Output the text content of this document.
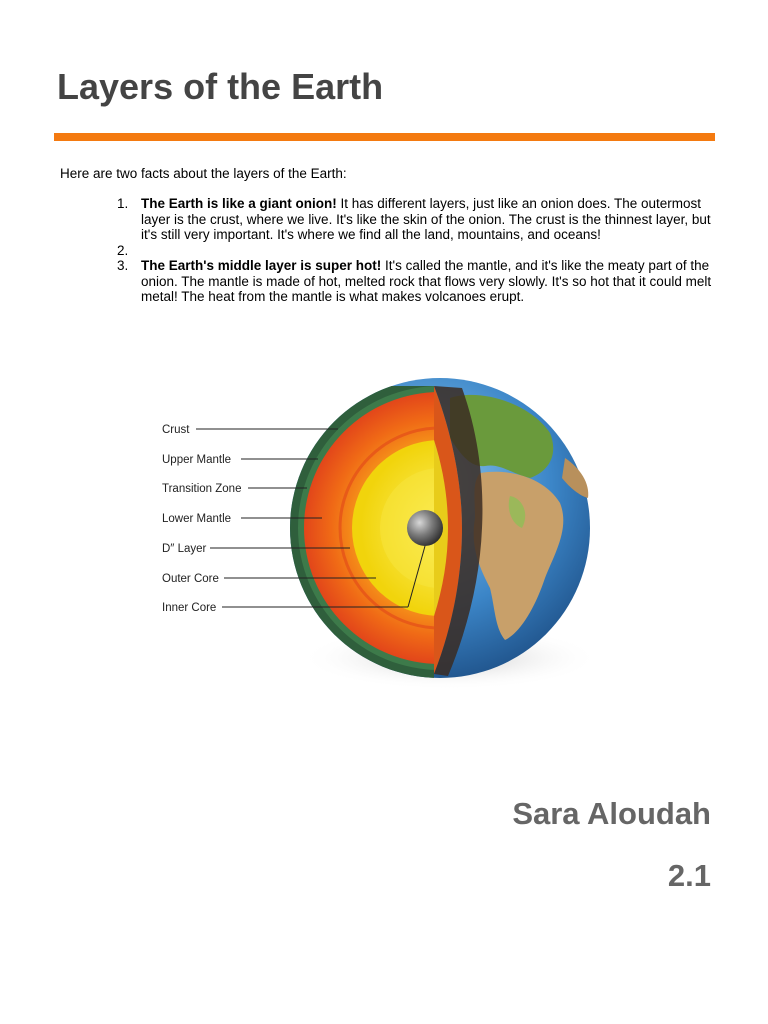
Layers of the Earth

Here are two facts about the layers of the Earth:

1. The Earth is like a giant onion! It has different layers, just like an onion does. The outermost layer is the crust, where we live. It's like the skin of the onion. The crust is the thinnest layer, but it's still very important. It's where we find all the land, mountains, and oceans!
2.

3. The Earth's middle layer is super hot! It's called the mantle, and it's like the meaty part of the onion. The mantle is made of hot, melted rock that flows very slowly. It's so hot that it could melt metal! The heat from the mantle is what makes volcanoes erupt.
Crust
Upper Mantle
Transition Zone
Lower Mantle
D″ Layer
Outer Core
Inner Core

Sara Aloudah

2.1
